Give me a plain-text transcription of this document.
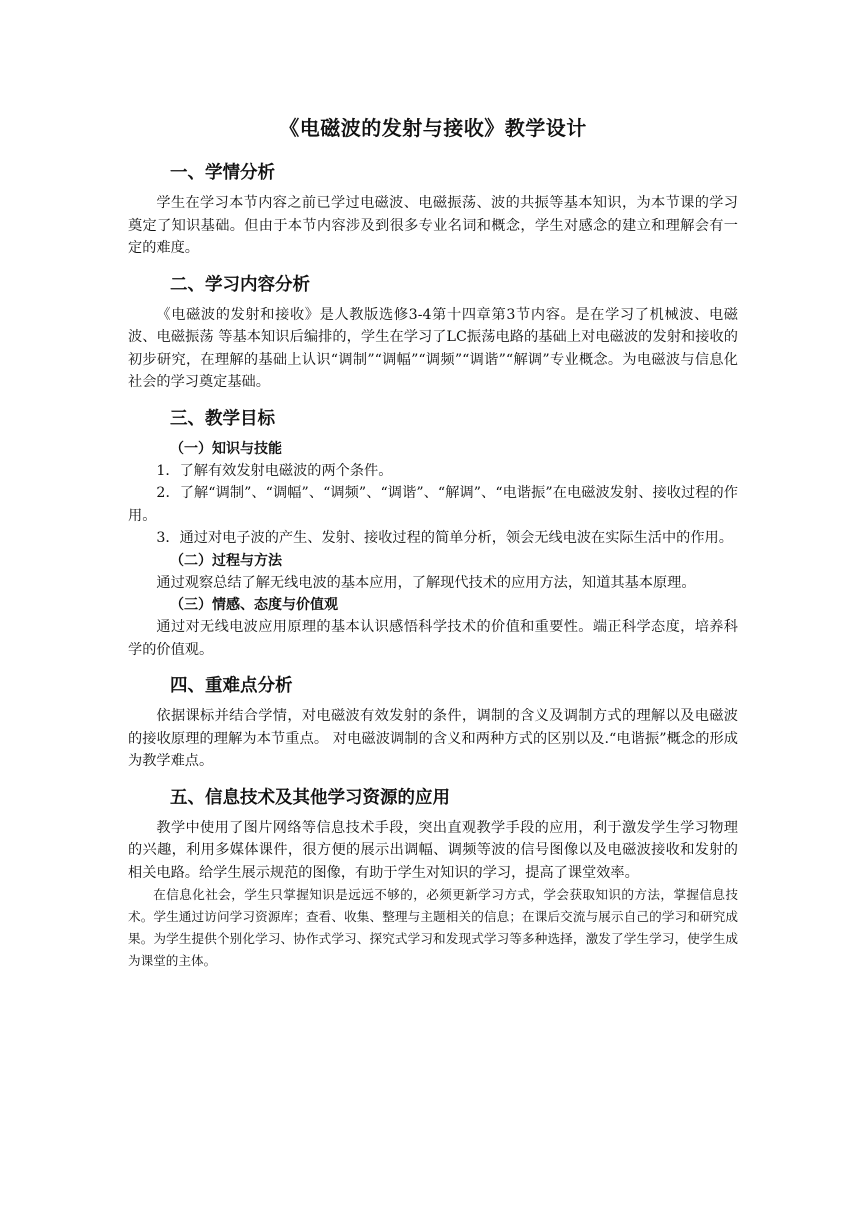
《电磁波的发射与接收》教学设计
一、学情分析

学生在学习本节内容之前已学过电磁波、电磁振荡、波的共振等基本知识，为本节课的学习奠定了知识基础。但由于本节内容涉及到很多专业名词和概念，学生对感念的建立和理解会有一定的难度。

二、学习内容分析

《电磁波的发射和接收》是人教版选修3-4第十四章第3节内容。是在学习了机械波、电磁波、电磁振荡 等基本知识后编排的，学生在学习了LC振荡电路的基础上对电磁波的发射和接收的初步研究，在理解的基础上认识“调制”“调幅”“调频”“调谐”“解调”专业概念。为电磁波与信息化社会的学习奠定基础。

三、教学目标
（一）知识与技能

1．了解有效发射电磁波的两个条件。

2．了解“调制”、“调幅”、“调频”、“调谐”、“解调”、“电谐振”在电磁波发射、接收过程的作用。

3．通过对电子波的产生、发射、接收过程的简单分析，领会无线电波在实际生活中的作用。

（二）过程与方法

通过观察总结了解无线电波的基本应用，了解现代技术的应用方法，知道其基本原理。

（三）情感、态度与价值观

通过对无线电波应用原理的基本认识感悟科学技术的价值和重要性。端正科学态度，培养科学的价值观。

四、重难点分析

依据课标并结合学情，对电磁波有效发射的条件，调制的含义及调制方式的理解以及电磁波的接收原理的理解为本节重点。 对电磁波调制的含义和两种方式的区别以及.“电谐振”概念的形成为教学难点。

五、信息技术及其他学习资源的应用

教学中使用了图片网络等信息技术手段，突出直观教学手段的应用，利于激发学生学习物理的兴趣，利用多媒体课件，很方便的展示出调幅、调频等波的信号图像以及电磁波接收和发射的相关电路。给学生展示规范的图像，有助于学生对知识的学习，提高了课堂效率。

在信息化社会，学生只掌握知识是远远不够的，必须更新学习方式，学会获取知识的方法，掌握信息技术。学生通过访问学习资源库；查看、收集、整理与主题相关的信息；在课后交流与展示自己的学习和研究成果。为学生提供个别化学习、协作式学习、探究式学习和发现式学习等多种选择，激发了学生学习，使学生成为课堂的主体。
